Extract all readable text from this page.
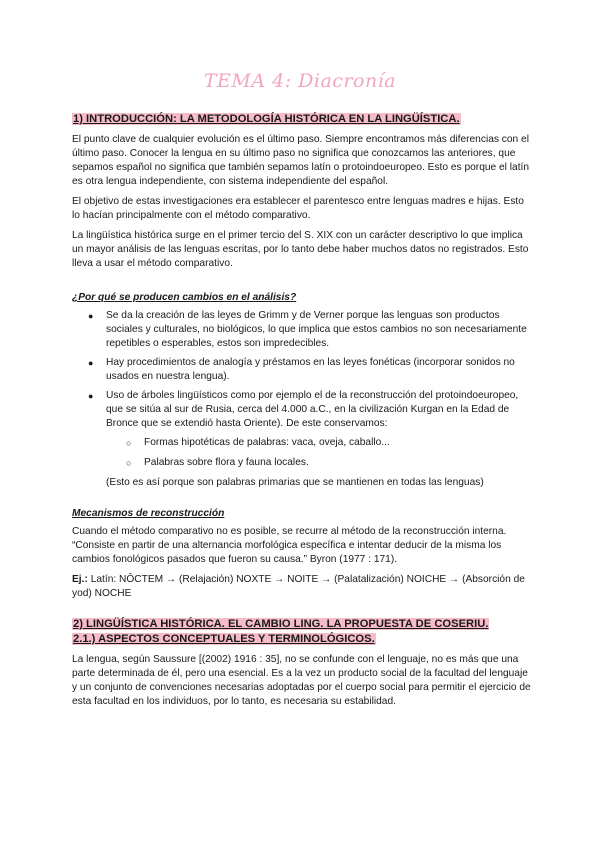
TEMA 4: Diacronía
1) INTRODUCCIÓN: LA METODOLOGÍA HISTÓRICA EN LA LINGÜÍSTICA.

El punto clave de cualquier evolución es el último paso. Siempre encontramos más diferencias con el último paso. Conocer la lengua en su último paso no significa que conozcamos las anteriores, que sepamos español no significa que también sepamos latín o protoindoeuropeo. Esto es porque el latín es otra lengua independiente, con sistema independiente del español.

El objetivo de estas investigaciones era establecer el parentesco entre lenguas madres e hijas. Esto lo hacían principalmente con el método comparativo.

La lingüística histórica surge en el primer tercio del S. XIX con un carácter descriptivo lo que implica un mayor análisis de las lenguas escritas, por lo tanto debe haber muchos datos no registrados. Esto lleva a usar el método comparativo.

¿Por qué se producen cambios en el análisis?
● Se da la creación de las leyes de Grimm y de Verner porque las lenguas son productos sociales y culturales, no biológicos, lo que implica que estos cambios no son necesariamente repetibles o esperables, estos son impredecibles.
● Hay procedimientos de analogía y préstamos en las leyes fonéticas (incorporar sonidos no usados en nuestra lengua).
● Uso de árboles lingüísticos como por ejemplo el de la reconstrucción del protoindoeuropeo, que se sitúa al sur de Rusia, cerca del 4.000 a.C., en la civilización Kurgan en la Edad de Bronce que se extendió hasta Oriente). De este conservamos:
○ Formas hipotéticas de palabras: vaca, oveja, caballo...
○ Palabras sobre flora y fauna locales.
(Esto es así porque son palabras primarias que se mantienen en todas las lenguas)
Mecanismos de reconstrucción

Cuando el método comparativo no es posible, se recurre al método de la reconstrucción interna. “Consiste en partir de una alternancia morfológica específica e intentar deducir de la misma los cambios fonológicos pasados que fueron su causa.” Byron (1977 : 171).

Ej.: Latín: NÔCTEM → (Relajación) NOXTE → NOITE → (Palatalización) NOICHE → (Absorción de yod) NOCHE

2) LINGÜÍSTICA HISTÓRICA. EL CAMBIO LING. LA PROPUESTA DE COSERIU.
2.1.) ASPECTOS CONCEPTUALES Y TERMINOLÓGICOS.

La lengua, según Saussure [(2002) 1916 : 35], no se confunde con el lenguaje, no es más que una parte determinada de él, pero una esencial. Es a la vez un producto social de la facultad del lenguaje y un conjunto de convenciones necesarias adoptadas por el cuerpo social para permitir el ejercicio de esta facultad en los individuos, por lo tanto, es necesaria su estabilidad.
